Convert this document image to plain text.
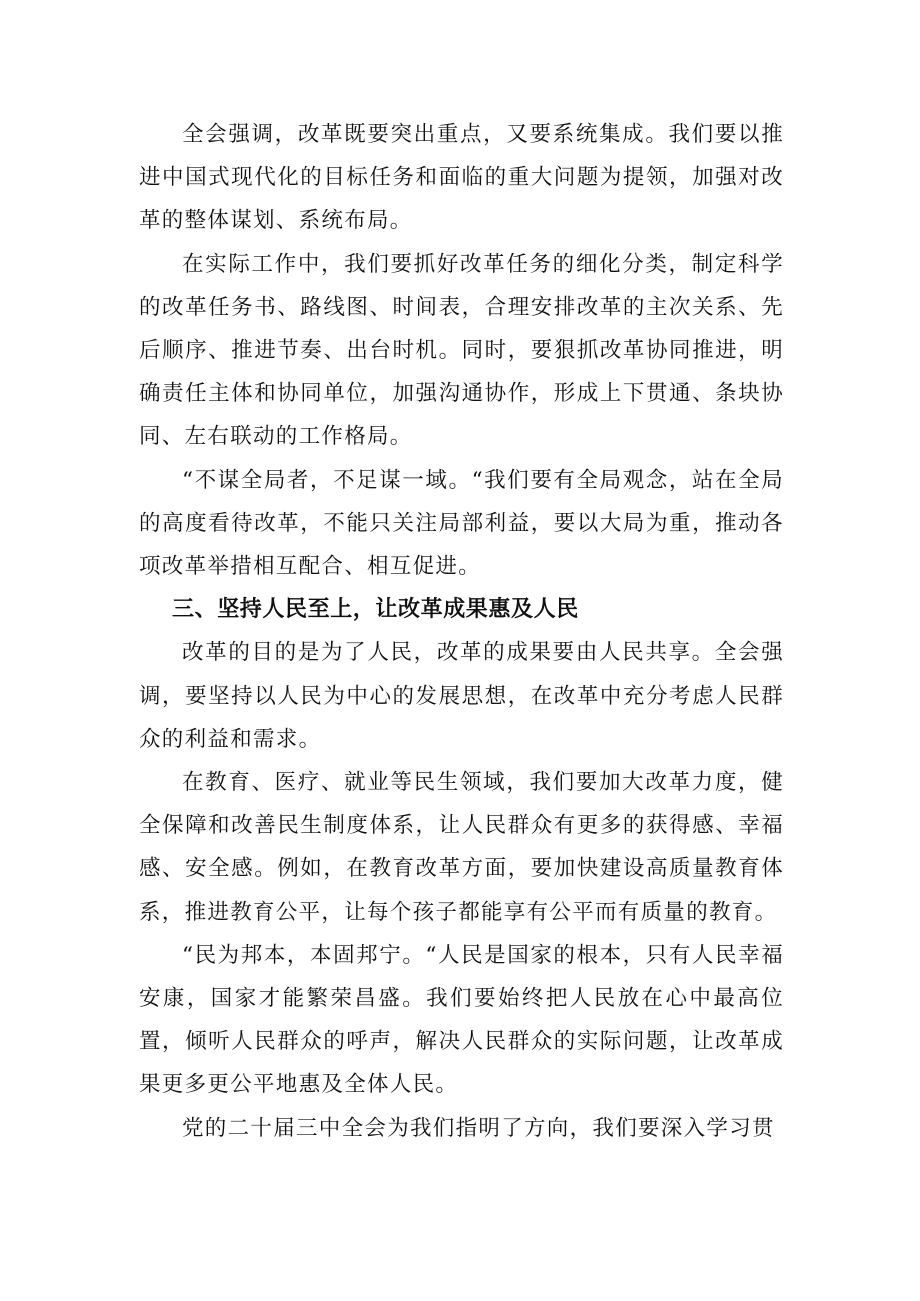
全会强调，改革既要突出重点，又要系统集成。我们要以推进中国式现代化的目标任务和面临的重大问题为提领，加强对改革的整体谋划、系统布局。

在实际工作中，我们要抓好改革任务的细化分类，制定科学的改革任务书、路线图、时间表，合理安排改革的主次关系、先后顺序、推进节奏、出台时机。同时，要狠抓改革协同推进，明确责任主体和协同单位，加强沟通协作，形成上下贯通、条块协同、左右联动的工作格局。

“不谋全局者，不足谋一域。“我们要有全局观念，站在全局的高度看待改革，不能只关注局部利益，要以大局为重，推动各项改革举措相互配合、相互促进。

三、坚持人民至上，让改革成果惠及人民

改革的目的是为了人民，改革的成果要由人民共享。全会强调，要坚持以人民为中心的发展思想，在改革中充分考虑人民群众的利益和需求。

在教育、医疗、就业等民生领域，我们要加大改革力度，健全保障和改善民生制度体系，让人民群众有更多的获得感、幸福感、安全感。例如，在教育改革方面，要加快建设高质量教育体系，推进教育公平，让每个孩子都能享有公平而有质量的教育。

“民为邦本，本固邦宁。“人民是国家的根本，只有人民幸福安康，国家才能繁荣昌盛。我们要始终把人民放在心中最高位置，倾听人民群众的呼声，解决人民群众的实际问题，让改革成果更多更公平地惠及全体人民。

党的二十届三中全会为我们指明了方向，我们要深入学习贯
